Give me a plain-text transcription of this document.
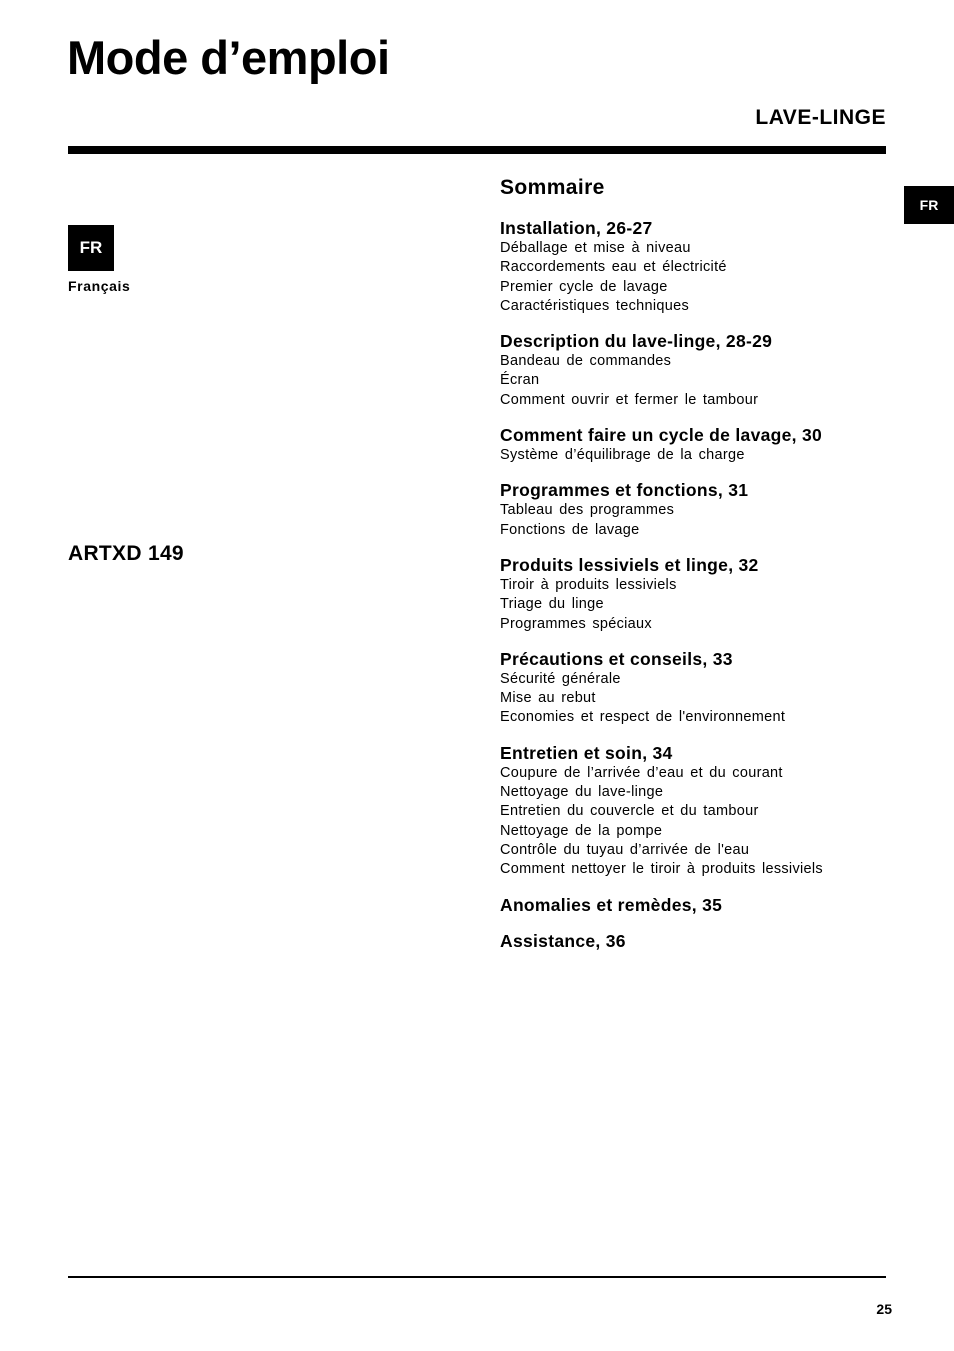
Mode d’emploi
LAVE-LINGE
FR
Français
ARTXD 149
FR
Sommaire
Installation, 26-27
Déballage et mise à niveau
Raccordements eau et électricité
Premier cycle de lavage
Caractéristiques techniques
Description du lave-linge, 28-29
Bandeau de commandes
Écran
Comment ouvrir et fermer le tambour
Comment faire un cycle de lavage, 30
Système d’équilibrage de la charge
Programmes et fonctions, 31
Tableau des programmes
Fonctions de lavage
Produits lessiviels et linge, 32
Tiroir à produits lessiviels
Triage du linge
Programmes spéciaux
Précautions et conseils, 33
Sécurité générale
Mise au rebut
Economies et respect de l'environnement
Entretien et soin, 34
Coupure de l’arrivée d’eau et du courant
Nettoyage du lave-linge
Entretien du couvercle et du tambour
Nettoyage de la pompe
Contrôle du tuyau d’arrivée de l'eau
Comment nettoyer le tiroir à produits lessiviels
Anomalies et remèdes, 35
Assistance, 36
25
